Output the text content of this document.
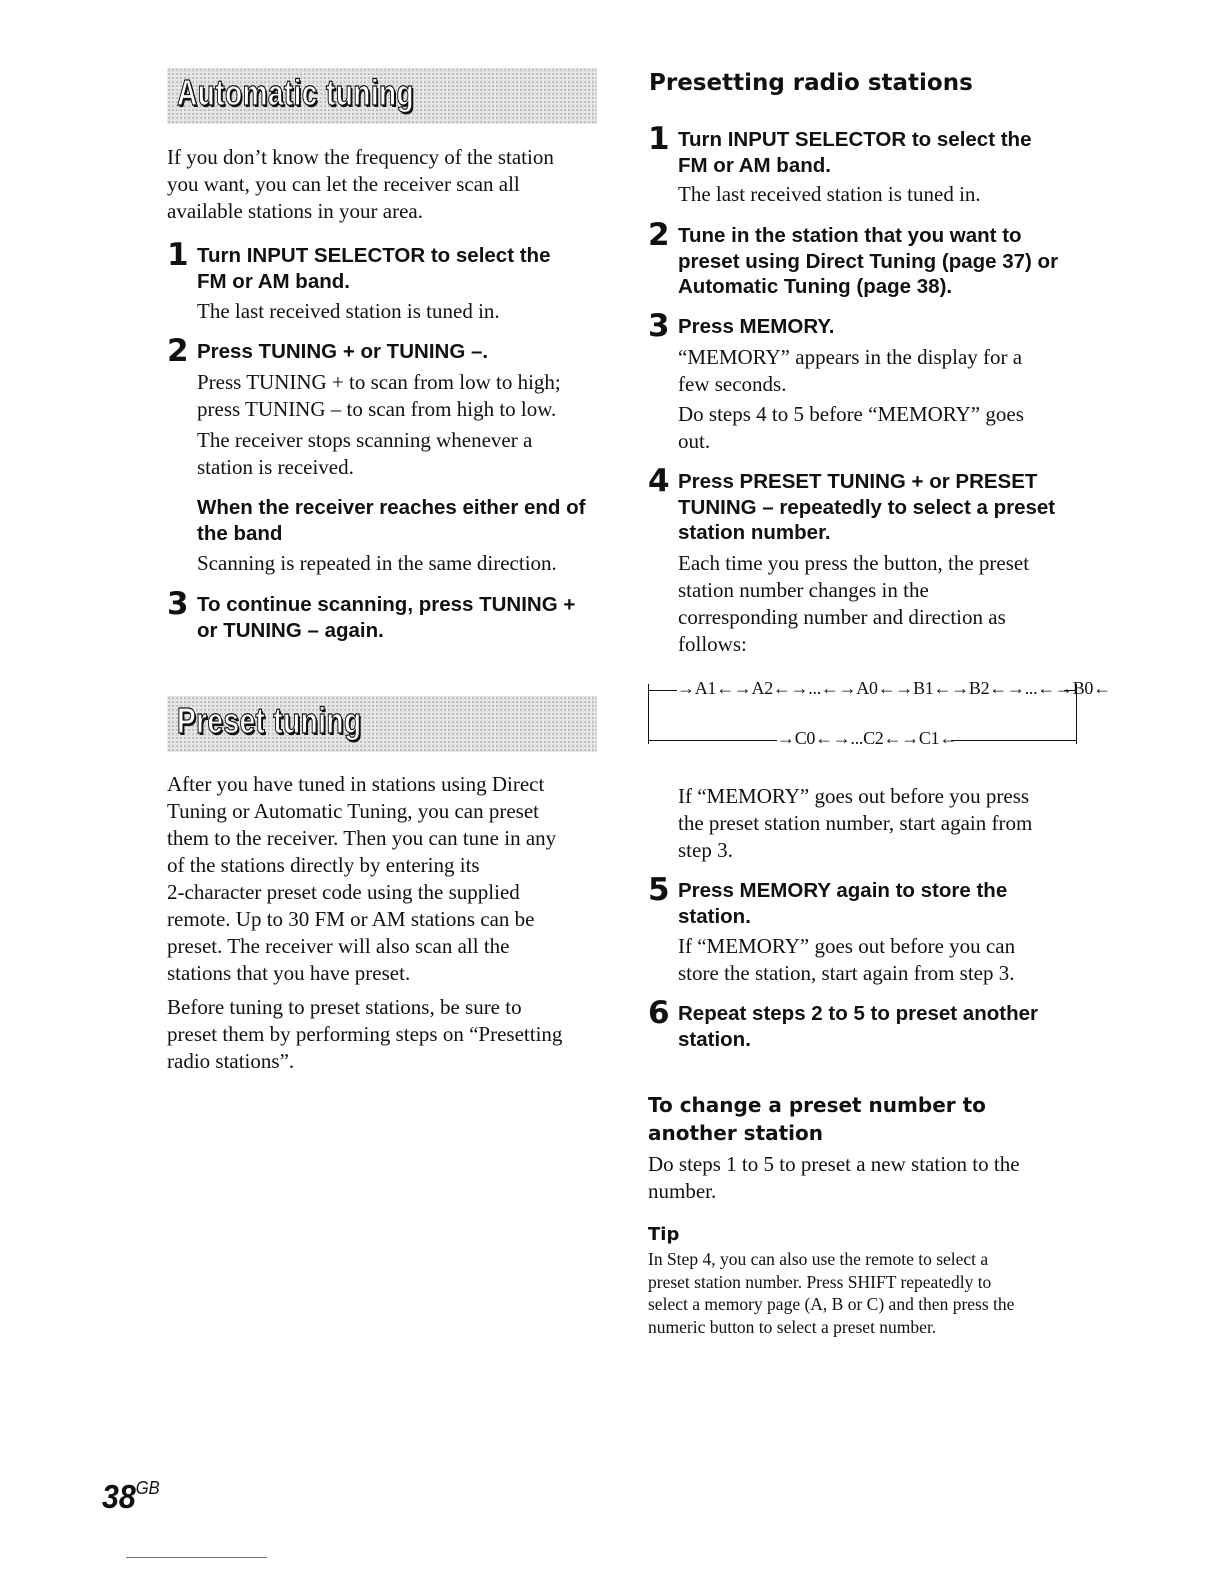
Automatic tuning
If you don’t know the frequency of the station
you want, you can let the receiver scan all
available stations in your area.
1 Turn INPUT SELECTOR to select the
FM or AM band.
The last received station is tuned in.
2 Press TUNING + or TUNING –.
Press TUNING + to scan from low to high;
press TUNING – to scan from high to low.
The receiver stops scanning whenever a
station is received.
When the receiver reaches either end of
the band
Scanning is repeated in the same direction.
3 To continue scanning, press TUNING +
or TUNING – again.
Preset tuning
After you have tuned in stations using Direct
Tuning or Automatic Tuning, you can preset
them to the receiver. Then you can tune in any
of the stations directly by entering its
2-character preset code using the supplied
remote. Up to 30 FM or AM stations can be
preset. The receiver will also scan all the
stations that you have preset.
Before tuning to preset stations, be sure to
preset them by performing steps on “Presetting
radio stations”.
Presetting radio stations
1 Turn INPUT SELECTOR to select the
FM or AM band.
The last received station is tuned in.
2 Tune in the station that you want to
preset using Direct Tuning (page 37) or
Automatic Tuning (page 38).
3 Press MEMORY.
“MEMORY” appears in the display for a
few seconds.
Do steps 4 to 5 before “MEMORY” goes
out.
4 Press PRESET TUNING + or PRESET
TUNING – repeatedly to select a preset
station number.
Each time you press the button, the preset
station number changes in the
corresponding number and direction as
follows:
→A1←→A2←→...←→A0←→B1←→B2←→...←→B0←
→C0←→...C2←→C1←
If “MEMORY” goes out before you press
the preset station number, start again from
step 3.
5 Press MEMORY again to store the
station.
If “MEMORY” goes out before you can
store the station, start again from step 3.
6 Repeat steps 2 to 5 to preset another
station.
To change a preset number to
another station
Do steps 1 to 5 to preset a new station to the
number.
Tip
In Step 4, you can also use the remote to select a
preset station number. Press SHIFT repeatedly to
select a memory page (A, B or C) and then press the
numeric button to select a preset number.
$38^{GB}$
